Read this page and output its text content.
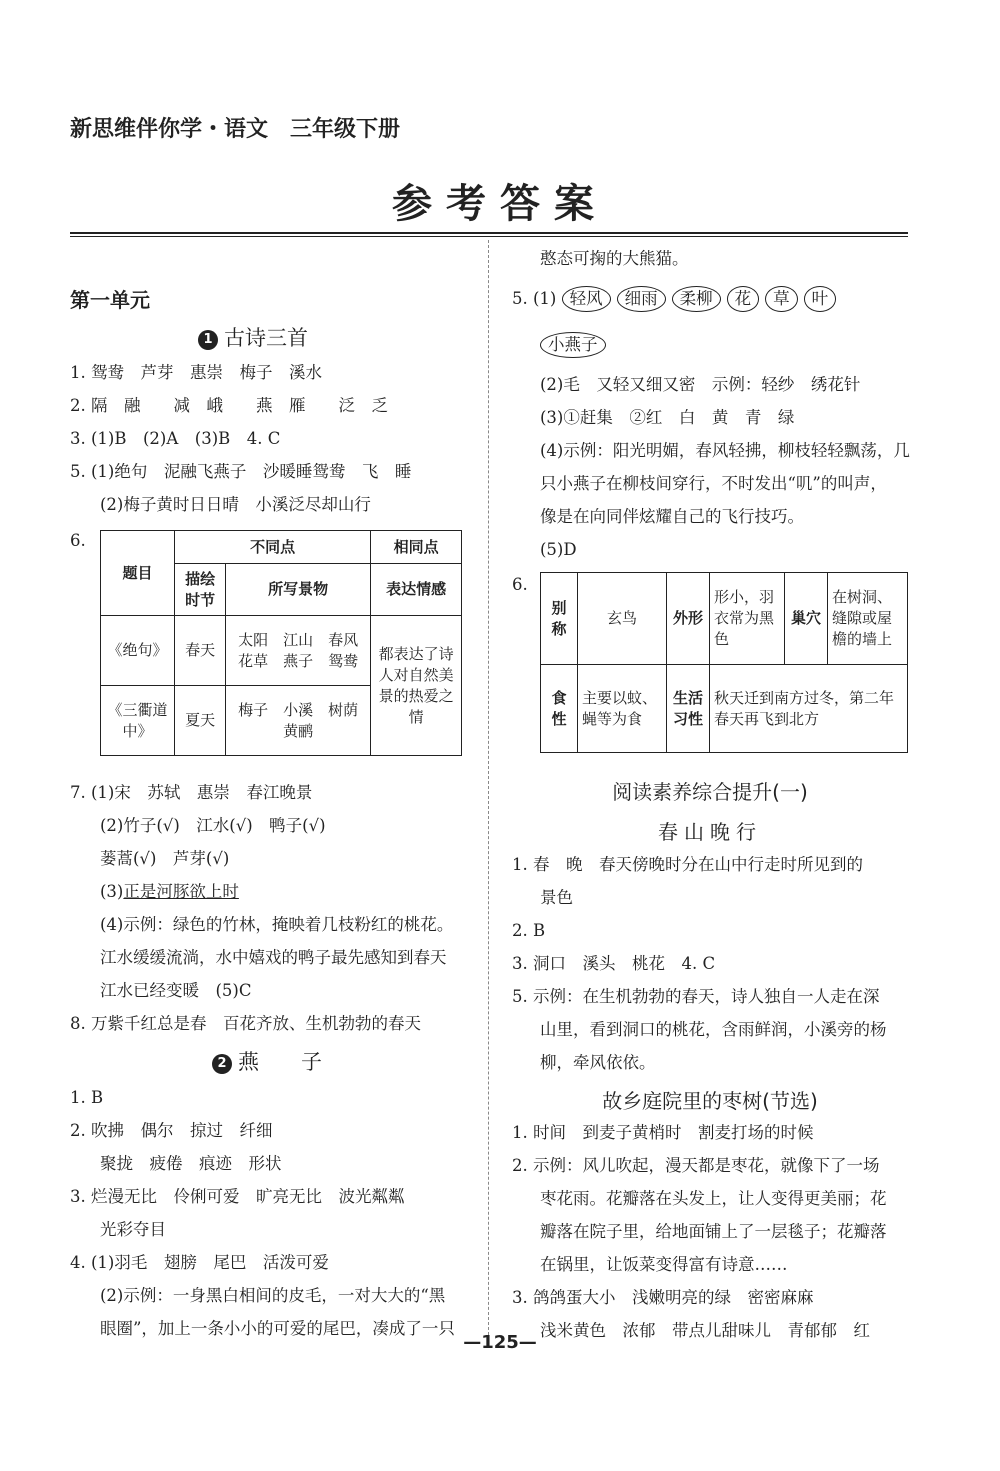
新思维伴你学・语文　三年级下册
参考答案
第一单元
1 古诗三首
1. 鸳鸯　芦芽　惠崇　梅子　溪水
2. 隔　融　　减　峨　　燕　雁　　泛　乏
3. (1)B　(2)A　(3)B　4. C
5. (1)绝句　泥融飞燕子　沙暖睡鸳鸯　飞　睡
(2)梅子黄时日日晴　小溪泛尽却山行
6.
题目	不同点		相同点
	描绘时节	所写景物	表达情感
《绝句》	春天	太阳　江山　春风　花草　燕子　鸳鸯	都表达了诗人对自然美景的热爱之情
《三衢道中》	夏天	梅子　小溪　树荫　黄鹂	
7. (1)宋　苏轼　惠崇　春江晚景
(2)竹子(√)　江水(√)　鸭子(√)
蒌蒿(√)　芦芽(√)
(3)正是河豚欲上时
(4)示例：绿色的竹林，掩映着几枝粉红的桃花。
江水缓缓流淌，水中嬉戏的鸭子最先感知到春天
江水已经变暖　(5)C
8. 万紫千红总是春　百花齐放、生机勃勃的春天
2 燕　　子
1. B
2. 吹拂　偶尔　掠过　纤细
聚拢　疲倦　痕迹　形状
3. 烂漫无比　伶俐可爱　旷亮无比　波光粼粼
光彩夺目
4. (1)羽毛　翅膀　尾巴　活泼可爱
(2)示例：一身黑白相间的皮毛，一对大大的“黑
眼圈”，加上一条小小的可爱的尾巴，凑成了一只
憨态可掬的大熊猫。
5. (1) 轻风 细雨 柔柳 花 草 叶
小燕子
(2)毛　又轻又细又密　示例：轻纱　绣花针
(3)①赶集　②红　白　黄　青　绿
(4)示例：阳光明媚，春风轻拂，柳枝轻轻飘荡，几
只小燕子在柳枝间穿行，不时发出“叽”的叫声，
像是在向同伴炫耀自己的飞行技巧。
(5)D
6.
别称	玄鸟	外形	形小，羽衣常为黑色	巢穴	在树洞、缝隙或屋檐的墙上
食性	主要以蚊、蝇等为食	生活习性	秋天迁到南方过冬，第二年春天再飞到北方		
阅读素养综合提升(一)
春山晚行
1. 春　晚　春天傍晚时分在山中行走时所见到的
景色
2. B
3. 洞口　溪头　桃花　4. C
5. 示例：在生机勃勃的春天，诗人独自一人走在深
山里，看到洞口的桃花，含雨鲜润，小溪旁的杨
柳，牵风依依。
故乡庭院里的枣树(节选)
1. 时间　到麦子黄梢时　割麦打场的时候
2. 示例：风儿吹起，漫天都是枣花，就像下了一场
枣花雨。花瓣落在头发上，让人变得更美丽；花
瓣落在院子里，给地面铺上了一层毯子；花瓣落
在锅里，让饭菜变得富有诗意……
3. 鸽鸽蛋大小　浅嫩明亮的绿　密密麻麻
浅米黄色　浓郁　带点儿甜味儿　青郁郁　红
—125—
